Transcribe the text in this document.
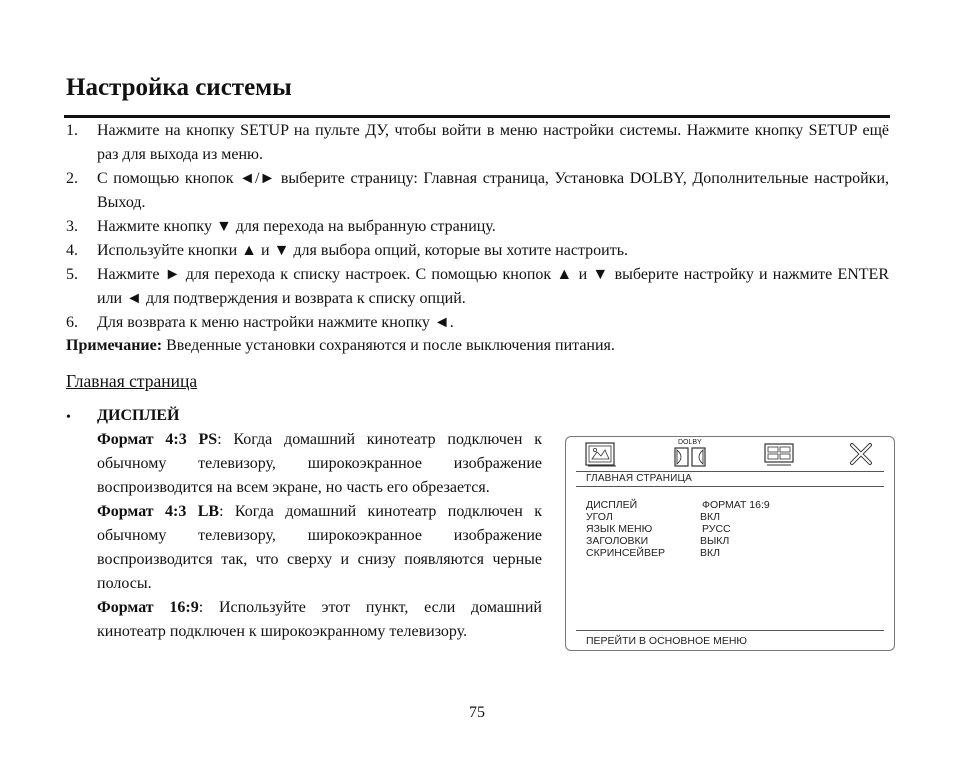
Настройка системы
1. Нажмите на кнопку SETUP на пульте ДУ, чтобы войти в меню настройки системы. Нажмите кнопку SETUP ещё раз для выхода из меню.
2. С помощью кнопок ◄/► выберите страницу: Главная страница, Установка DOLBY, Дополнительные настройки, Выход.
3. Нажмите кнопку ▼ для перехода на выбранную страницу.
4. Используйте кнопки ▲ и ▼ для выбора опций, которые вы хотите настроить.
5. Нажмите ► для перехода к списку настроек. С помощью кнопок ▲ и ▼ выберите настройку и нажмите ENTER или ◄ для подтверждения и возврата к списку опций.
6. Для возврата к меню настройки нажмите кнопку ◄.
Примечание: Введенные установки сохраняются и после выключения питания.
Главная страница
• ДИСПЛЕЙ

Формат 4:3 PS: Когда домашний кинотеатр подключен к обычному телевизору, широкоэкранное изображение воспроизводится на всем экране, но часть его обрезается.

Формат 4:3 LB: Когда домашний кинотеатр подключен к обычному телевизору, широкоэкранное изображение воспроизводится так, что сверху и снизу появляются черные полосы.

Формат 16:9: Используйте этот пункт, если домашний кинотеатр подключен к широкоэкранному телевизору.

DOLBY
ГЛАВНАЯ СТРАНИЦА
ДИСПЛЕЙ	ФОРМАТ 16:9
УГОЛ	ВКЛ
ЯЗЫК МЕНЮ	РУСС
ЗАГОЛОВКИ	ВЫКЛ
СКРИНСЕЙВЕР	ВКЛ
ПЕРЕЙТИ В ОСНОВНОЕ МЕНЮ
75
